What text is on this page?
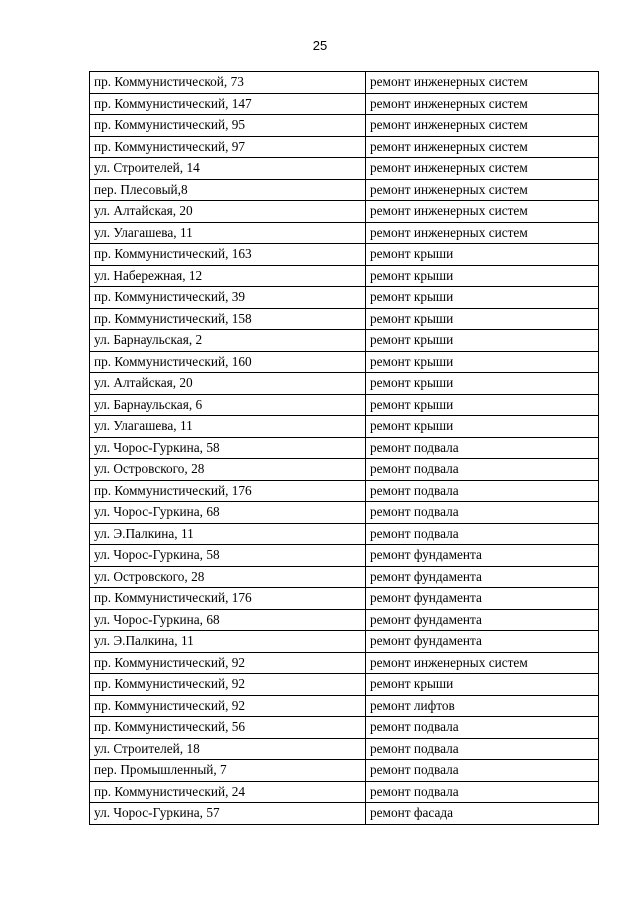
25
пр. Коммунистической, 73	ремонт инженерных систем
пр. Коммунистический, 147	ремонт инженерных систем
пр. Коммунистический, 95	ремонт инженерных систем
пр. Коммунистический, 97	ремонт инженерных систем
ул. Строителей, 14	ремонт инженерных систем
пер. Плесовый,8	ремонт инженерных систем
ул. Алтайская, 20	ремонт инженерных систем
ул. Улагашева, 11	ремонт инженерных систем
пр. Коммунистический, 163	ремонт крыши
ул. Набережная, 12	ремонт крыши
пр. Коммунистический, 39	ремонт крыши
пр. Коммунистический, 158	ремонт крыши
ул. Барнаульская, 2	ремонт крыши
пр. Коммунистический, 160	ремонт крыши
ул. Алтайская, 20	ремонт крыши
ул. Барнаульская, 6	ремонт крыши
ул. Улагашева, 11	ремонт крыши
ул. Чорос-Гуркина, 58	ремонт подвала
ул. Островского, 28	ремонт подвала
пр. Коммунистический, 176	ремонт подвала
ул. Чорос-Гуркина, 68	ремонт подвала
ул. Э.Палкина, 11	ремонт подвала
ул. Чорос-Гуркина, 58	ремонт фундамента
ул. Островского, 28	ремонт фундамента
пр. Коммунистический, 176	ремонт фундамента
ул. Чорос-Гуркина, 68	ремонт фундамента
ул. Э.Палкина, 11	ремонт фундамента
пр. Коммунистический, 92	ремонт инженерных систем
пр. Коммунистический, 92	ремонт крыши
пр. Коммунистический, 92	ремонт лифтов
пр. Коммунистический, 56	ремонт подвала
ул. Строителей, 18	ремонт подвала
пер. Промышленный, 7	ремонт подвала
пр. Коммунистический, 24	ремонт подвала
ул. Чорос-Гуркина, 57	ремонт фасада
